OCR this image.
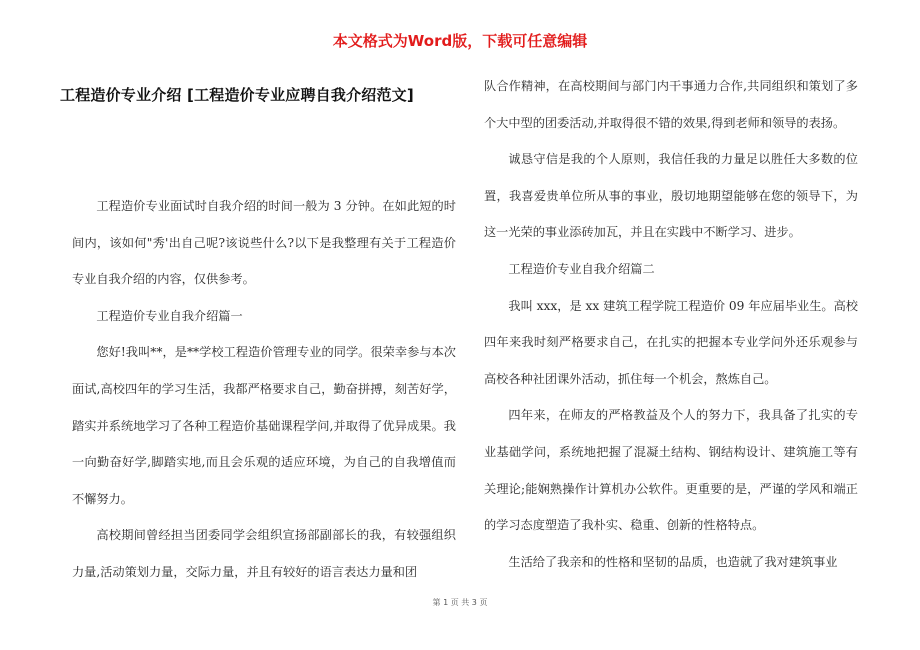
本文格式为Word版，下载可任意编辑
工程造价专业介绍 [工程造价专业应聘自我介绍范文]

工程造价专业面试时自我介绍的时间一般为 3 分钟。在如此短的时间内，该如何"秀'出自己呢?该说些什么?以下是我整理有关于工程造价专业自我介绍的内容，仅供参考。

工程造价专业自我介绍篇一

您好!我叫**，是**学校工程造价管理专业的同学。很荣幸参与本次面试,高校四年的学习生活，我都严格要求自己，勤奋拼搏，刻苦好学，踏实并系统地学习了各种工程造价基础课程学问,并取得了优异成果。我一向勤奋好学,脚踏实地,而且会乐观的适应环境，为自己的自我增值而不懈努力。

高校期间曾经担当团委同学会组织宣扬部副部长的我，有较强组织力量,活动策划力量，交际力量，并且有较好的语言表达力量和团

队合作精神，在高校期间与部门内干事通力合作,共同组织和策划了多个大中型的团委活动,并取得很不错的效果,得到老师和领导的表扬。

诚恳守信是我的个人原则，我信任我的力量足以胜任大多数的位置，我喜爱贵单位所从事的事业，殷切地期望能够在您的领导下，为这一光荣的事业添砖加瓦，并且在实践中不断学习、进步。

工程造价专业自我介绍篇二

我叫 xxx，是 xx 建筑工程学院工程造价 09 年应届毕业生。高校四年来我时刻严格要求自己，在扎实的把握本专业学问外还乐观参与高校各种社团课外活动，抓住每一个机会，熬炼自己。

四年来，在师友的严格教益及个人的努力下，我具备了扎实的专业基础学问，系统地把握了混凝土结构、钢结构设计、建筑施工等有关理论;能娴熟操作计算机办公软件。更重要的是，严谨的学风和端正的学习态度塑造了我朴实、稳重、创新的性格特点。

生活给了我亲和的性格和坚韧的品质，也造就了我对建筑事业

第 1 页 共 3 页
